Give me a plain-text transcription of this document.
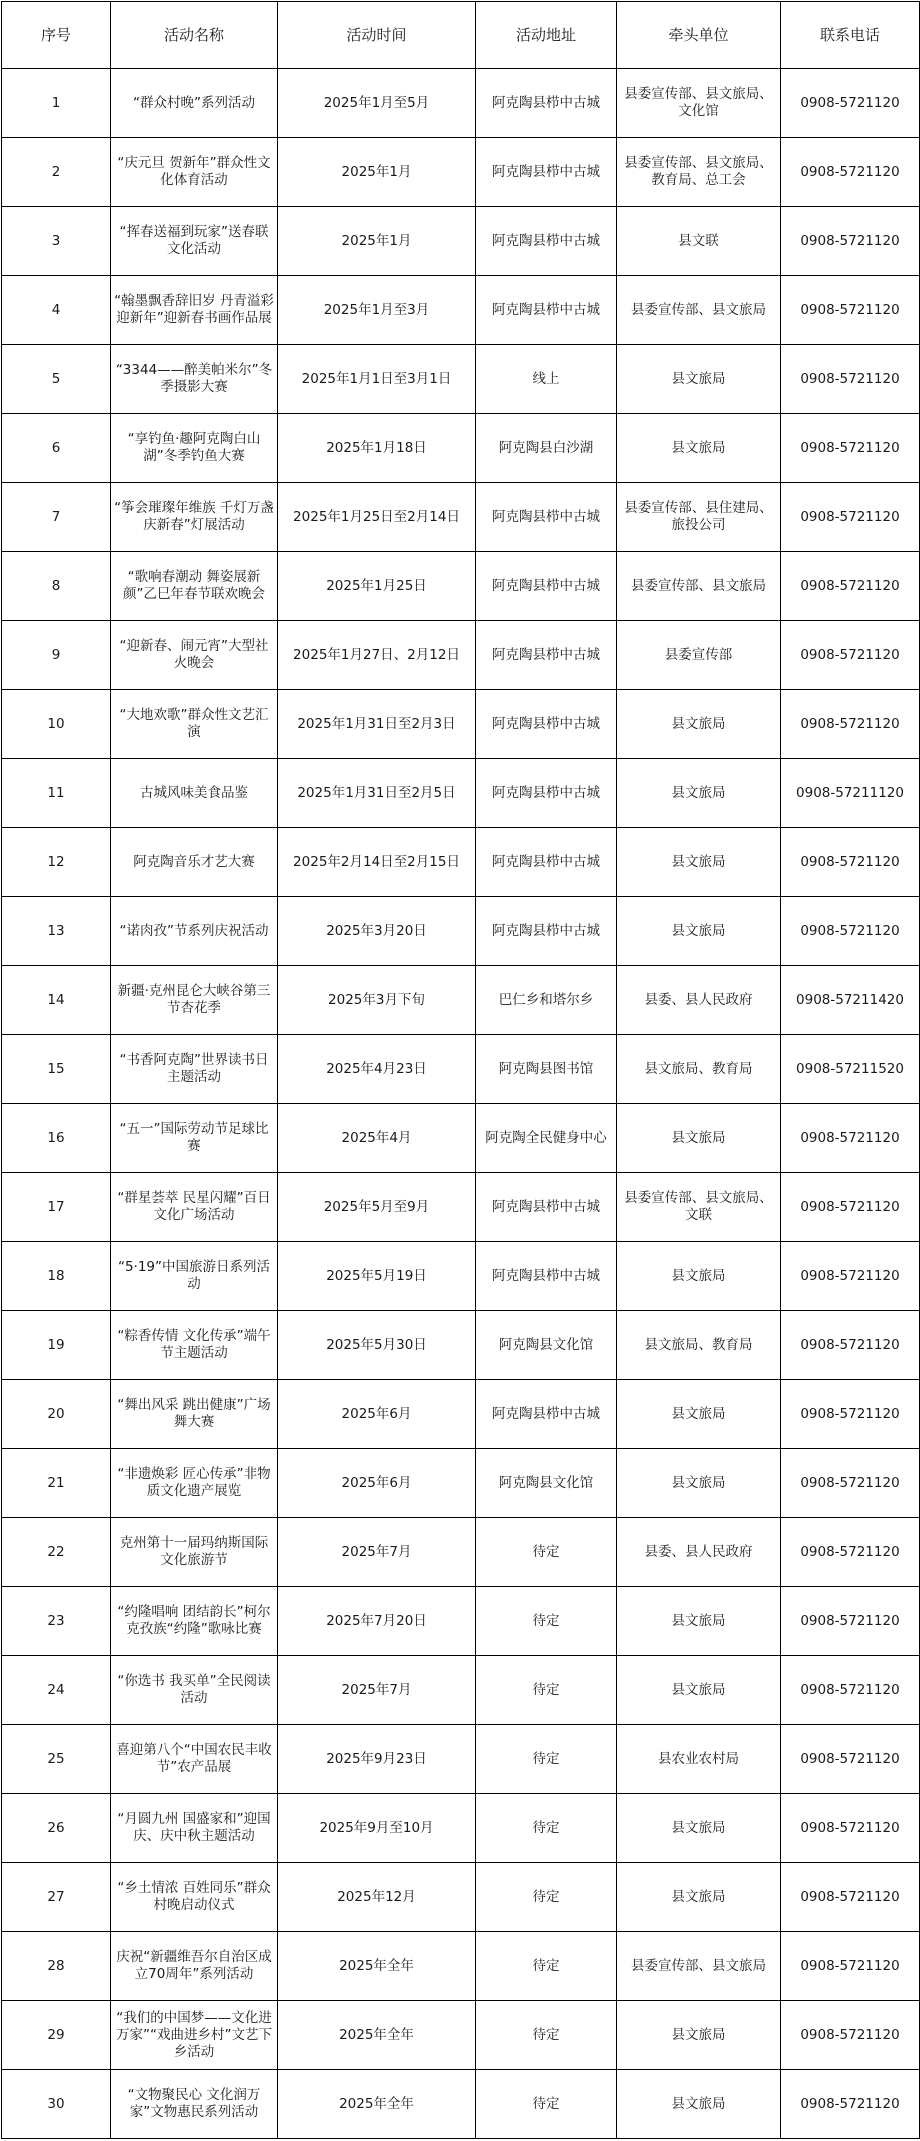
序号	活动名称	活动时间	活动地址	牵头单位	联系电话
1	“群众村晚”系列活动	2025年1月至5月	阿克陶县栉中古城	县委宣传部、县文旅局、文化馆	0908-5721120
2	“庆元旦 贺新年”群众性文化体育活动	2025年1月	阿克陶县栉中古城	县委宣传部、县文旅局、教育局、总工会	0908-5721120
3	“挥春送福到玩家”送春联文化活动	2025年1月	阿克陶县栉中古城	县文联	0908-5721120
4	“翰墨飘香辞旧岁 丹青溢彩迎新年”迎新春书画作品展	2025年1月至3月	阿克陶县栉中古城	县委宣传部、县文旅局	0908-5721120
5	“3344——醉美帕米尔”冬季摄影大赛	2025年1月1日至3月1日	线上	县文旅局	0908-5721120
6	“享钓鱼·趣阿克陶白山湖”冬季钓鱼大赛	2025年1月18日	阿克陶县白沙湖	县文旅局	0908-5721120
7	“筝会璀璨年维族 千灯万盏庆新春”灯展活动	2025年1月25日至2月14日	阿克陶县栉中古城	县委宣传部、县住建局、旅投公司	0908-5721120
8	“歌响春潮动 舞姿展新颜”乙巳年春节联欢晚会	2025年1月25日	阿克陶县栉中古城	县委宣传部、县文旅局	0908-5721120
9	“迎新春、闹元宵”大型社火晚会	2025年1月27日、2月12日	阿克陶县栉中古城	县委宣传部	0908-5721120
10	“大地欢歌”群众性文艺汇演	2025年1月31日至2月3日	阿克陶县栉中古城	县文旅局	0908-5721120
11	古城风味美食品鉴	2025年1月31日至2月5日	阿克陶县栉中古城	县文旅局	0908-57211120
12	阿克陶音乐才艺大赛	2025年2月14日至2月15日	阿克陶县栉中古城	县文旅局	0908-5721120
13	“诺肉孜”节系列庆祝活动	2025年3月20日	阿克陶县栉中古城	县文旅局	0908-5721120
14	新疆·克州昆仑大峡谷第三节杏花季	2025年3月下旬	巴仁乡和塔尔乡	县委、县人民政府	0908-57211420
15	“书香阿克陶”世界读书日主题活动	2025年4月23日	阿克陶县图书馆	县文旅局、教育局	0908-57211520
16	“五一”国际劳动节足球比赛	2025年4月	阿克陶全民健身中心	县文旅局	0908-5721120
17	“群星荟萃 民星闪耀”百日文化广场活动	2025年5月至9月	阿克陶县栉中古城	县委宣传部、县文旅局、文联	0908-5721120
18	“5·19”中国旅游日系列活动	2025年5月19日	阿克陶县栉中古城	县文旅局	0908-5721120
19	“粽香传情 文化传承”端午节主题活动	2025年5月30日	阿克陶县文化馆	县文旅局、教育局	0908-5721120
20	“舞出风采 跳出健康”广场舞大赛	2025年6月	阿克陶县栉中古城	县文旅局	0908-5721120
21	“非遗焕彩 匠心传承”非物质文化遗产展览	2025年6月	阿克陶县文化馆	县文旅局	0908-5721120
22	克州第十一届玛纳斯国际文化旅游节	2025年7月	待定	县委、县人民政府	0908-5721120
23	“约隆唱响 团结韵长”柯尔克孜族“约隆”歌咏比赛	2025年7月20日	待定	县文旅局	0908-5721120
24	“你选书 我买单”全民阅读活动	2025年7月	待定	县文旅局	0908-5721120
25	喜迎第八个“中国农民丰收节”农产品展	2025年9月23日	待定	县农业农村局	0908-5721120
26	“月圆九州 国盛家和”迎国庆、庆中秋主题活动	2025年9月至10月	待定	县文旅局	0908-5721120
27	“乡土情浓 百姓同乐”群众村晚启动仪式	2025年12月	待定	县文旅局	0908-5721120
28	庆祝“新疆维吾尔自治区成立70周年”系列活动	2025年全年	待定	县委宣传部、县文旅局	0908-5721120
29	“我们的中国梦——文化进万家”“戏曲进乡村”文艺下乡活动	2025年全年	待定	县文旅局	0908-5721120
30	“文物聚民心 文化润万家”文物惠民系列活动	2025年全年	待定	县文旅局	0908-5721120
